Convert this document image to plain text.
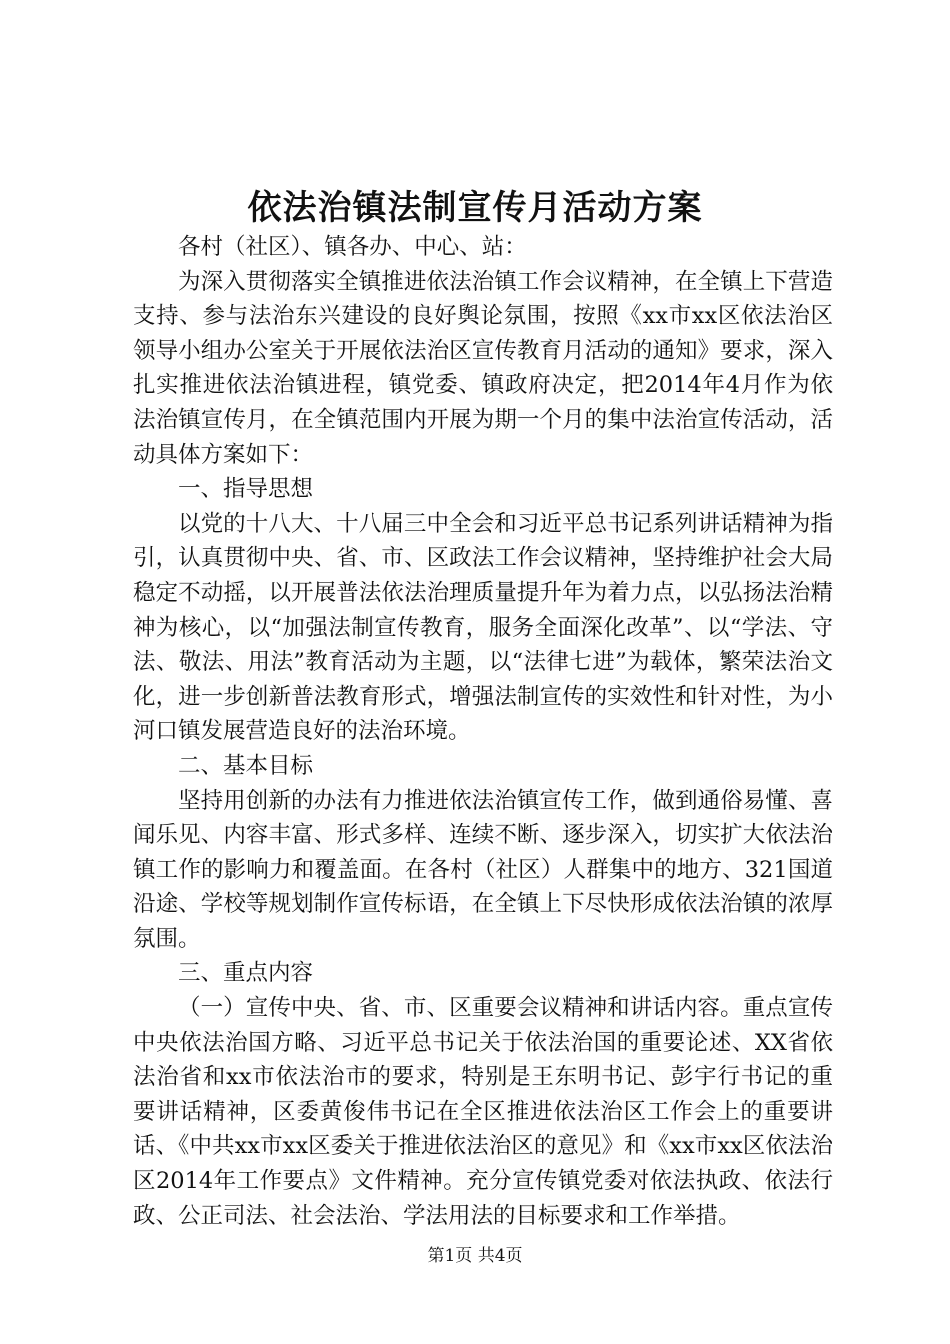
依法治镇法制宣传月活动方案

各村（社区）、镇各办、中心、站：

为深入贯彻落实全镇推进依法治镇工作会议精神，在全镇上下营造支持、参与法治东兴建设的良好舆论氛围，按照《xx市xx区依法治区领导小组办公室关于开展依法治区宣传教育月活动的通知》要求，深入扎实推进依法治镇进程，镇党委、镇政府决定，把2014年4月作为依法治镇宣传月，在全镇范围内开展为期一个月的集中法治宣传活动，活动具体方案如下：

一、指导思想

以党的十八大、十八届三中全会和习近平总书记系列讲话精神为指引，认真贯彻中央、省、市、区政法工作会议精神，坚持维护社会大局稳定不动摇，以开展普法依法治理质量提升年为着力点，以弘扬法治精神为核心，以“加强法制宣传教育，服务全面深化改革”、以“学法、守法、敬法、用法”教育活动为主题，以“法律七进”为载体，繁荣法治文化，进一步创新普法教育形式，增强法制宣传的实效性和针对性，为小河口镇发展营造良好的法治环境。

二、基本目标

坚持用创新的办法有力推进依法治镇宣传工作，做到通俗易懂、喜闻乐见、内容丰富、形式多样、连续不断、逐步深入，切实扩大依法治镇工作的影响力和覆盖面。在各村（社区）人群集中的地方、321国道沿途、学校等规划制作宣传标语，在全镇上下尽快形成依法治镇的浓厚氛围。

三、重点内容

（一）宣传中央、省、市、区重要会议精神和讲话内容。重点宣传中央依法治国方略、习近平总书记关于依法治国的重要论述、XX省依法治省和xx市依法治市的要求，特别是王东明书记、彭宇行书记的重要讲话精神，区委黄俊伟书记在全区推进依法治区工作会上的重要讲话、《中共xx市xx区委关于推进依法治区的意见》和《xx市xx区依法治区2014年工作要点》文件精神。充分宣传镇党委对依法执政、依法行政、公正司法、社会法治、学法用法的目标要求和工作举措。

第1页 共4页
